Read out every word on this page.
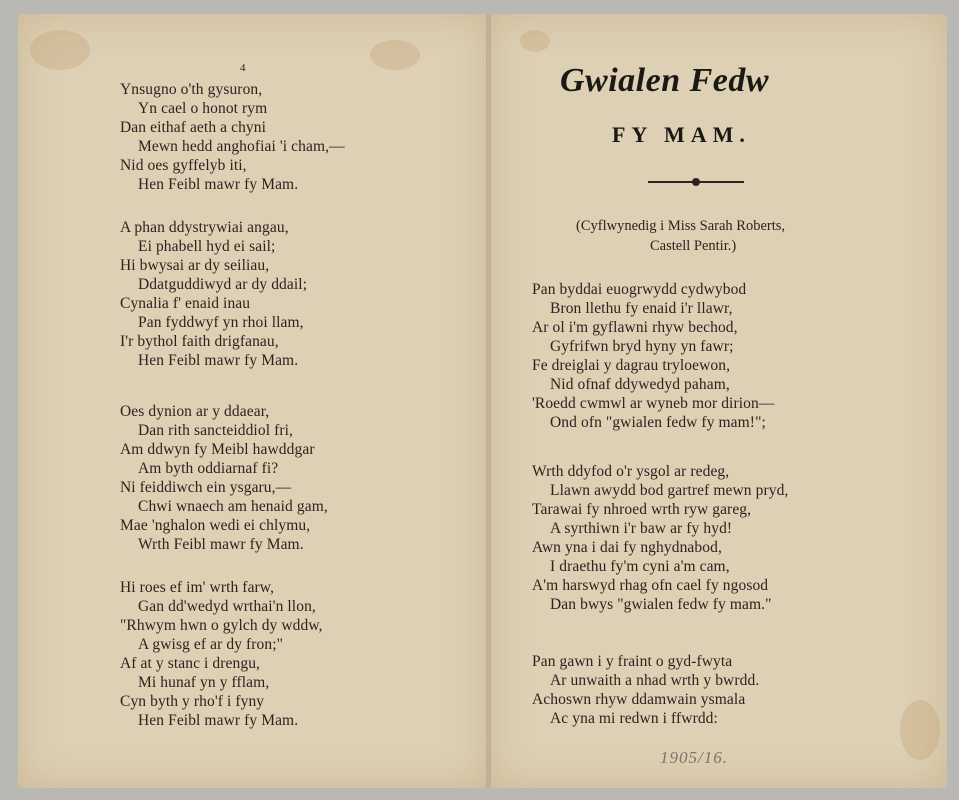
4
Ynsugno o'th gysuron,
Yn cael o honot rym
Dan eithaf aeth a chyni
Mewn hedd anghofiai 'i cham,—
Nid oes gyffelyb iti,
Hen Feibl mawr fy Mam.
A phan ddystrywiai angau,
Ei phabell hyd ei sail;
Hi bwysai ar dy seiliau,
Ddatguddiwyd ar dy ddail;
Cynalia f' enaid inau
Pan fyddwyf yn rhoi llam,
I'r bythol faith drigfanau,
Hen Feibl mawr fy Mam.
Oes dynion ar y ddaear,
Dan rith sancteiddiol fri,
Am ddwyn fy Meibl hawddgar
Am byth oddiarnaf fi?
Ni feiddiwch ein ysgaru,—
Chwi wnaech am henaid gam,
Mae 'nghalon wedi ei chlymu,
Wrth Feibl mawr fy Mam.
Hi roes ef im' wrth farw,
Gan dd'wedyd wrthai'n llon,
"Rhwym hwn o gylch dy wddw,
A gwisg ef ar dy fron;"
Af at y stanc i drengu,
Mi hunaf yn y fflam,
Cyn byth y rho'f i fyny
Hen Feibl mawr fy Mam.
Gwialen Fedw
FY MAM.
(Cyflwynedig i Miss Sarah Roberts,
Castell Pentir.)
Pan byddai euogrwydd cydwybod
Bron llethu fy enaid i'r llawr,
Ar ol i'm gyflawni rhyw bechod,
Gyfrifwn bryd hyny yn fawr;
Fe dreiglai y dagrau tryloewon,
Nid ofnaf ddywedyd paham,
'Roedd cwmwl ar wyneb mor dirion—
Ond ofn "gwialen fedw fy mam!";
Wrth ddyfod o'r ysgol ar redeg,
Llawn awydd bod gartref mewn pryd,
Tarawai fy nhroed wrth ryw gareg,
A syrthiwn i'r baw ar fy hyd!
Awn yna i dai fy nghydnabod,
I draethu fy'm cyni a'm cam,
A'm harswyd rhag ofn cael fy ngosod
Dan bwys "gwialen fedw fy mam."
Pan gawn i y fraint o gyd-fwyta
Ar unwaith a nhad wrth y bwrdd.
Achoswn rhyw ddamwain ysmala
Ac yna mi redwn i ffwrdd:
1905/16.
